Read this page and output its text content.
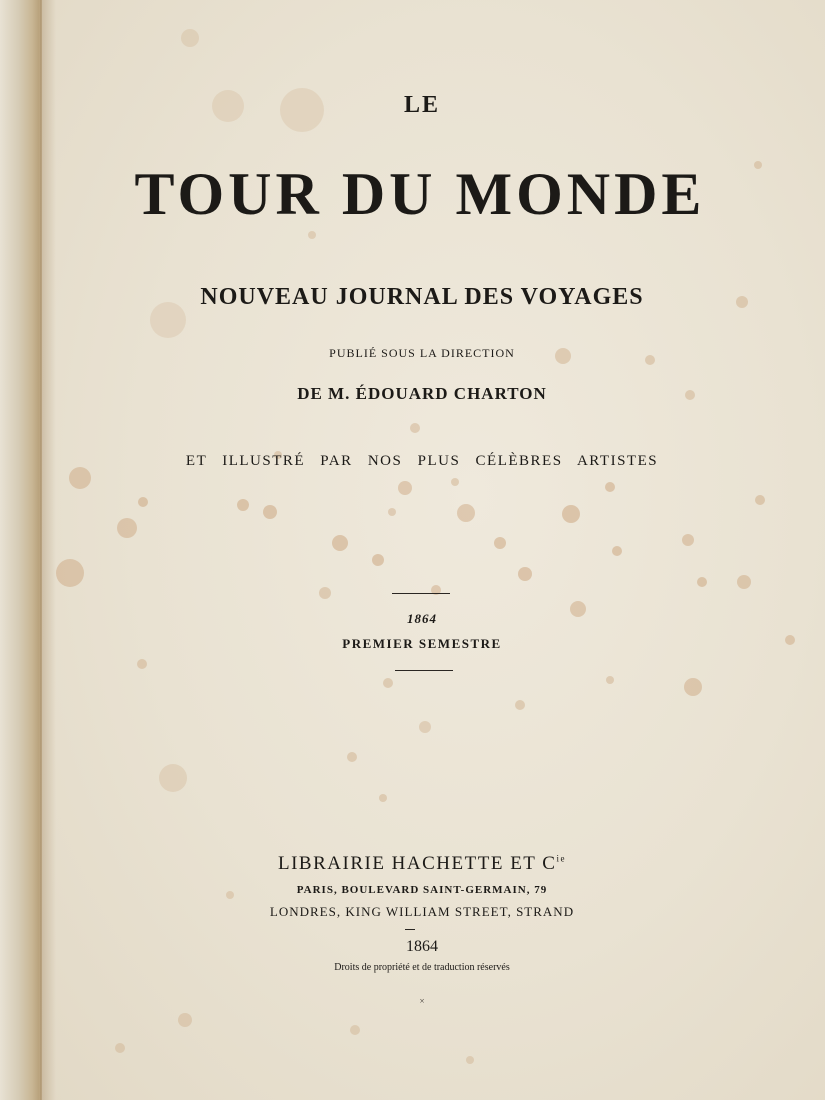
LE

TOUR DU MONDE

NOUVEAU JOURNAL DES VOYAGES

PUBLIÉ SOUS LA DIRECTION

DE M. ÉDOUARD CHARTON

ET ILLUSTRÉ PAR NOS PLUS CÉLÈBRES ARTISTES

1864

PREMIER SEMESTRE

LIBRAIRIE HACHETTE ET $C^{ie}$

PARIS, BOULEVARD SAINT-GERMAIN, 79

LONDRES, KING WILLIAM STREET, STRAND

1864

Droits de propriété et de traduction réservés

×
